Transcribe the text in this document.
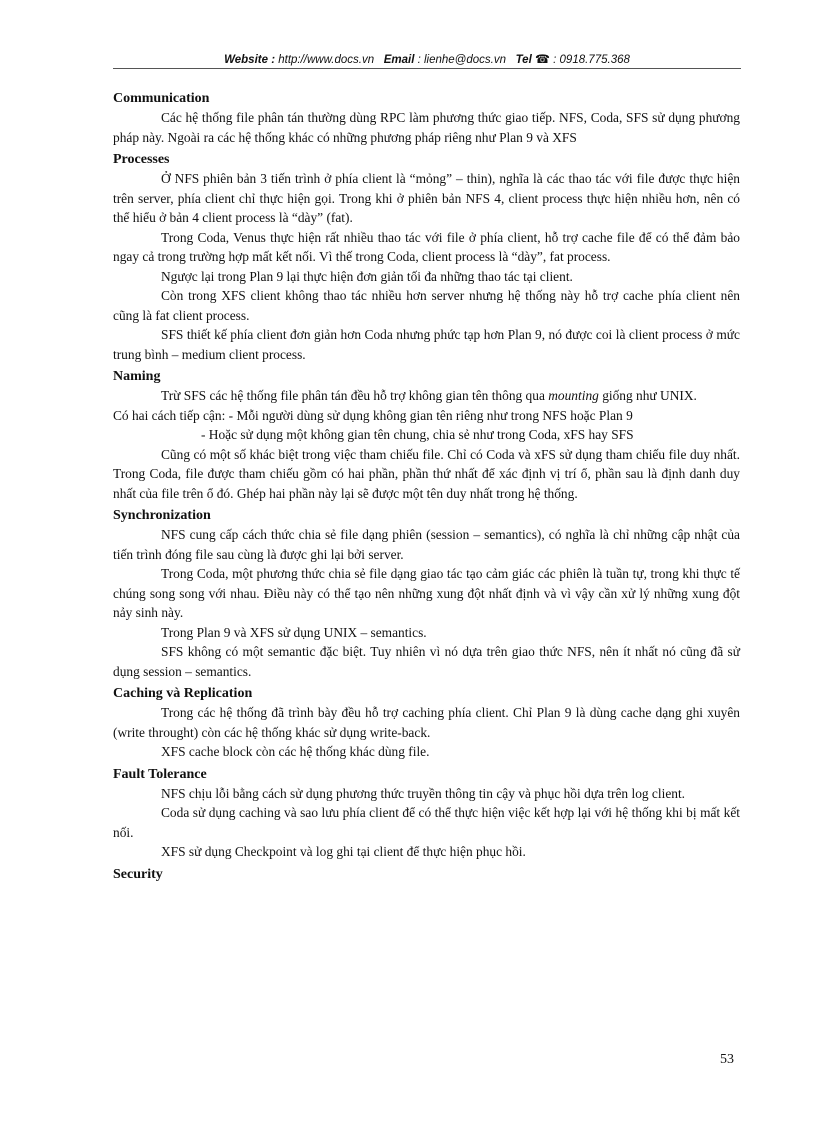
Website : http://www.docs.vn Email : lienhe@docs.vn Tel ☎ : 0918.775.368

Communication

Các hệ thống file phân tán thường dùng RPC làm phương thức giao tiếp. NFS, Coda, SFS sử dụng phương pháp này. Ngoài ra các hệ thống khác có những phương pháp riêng như Plan 9 và XFS

Processes

Ở NFS phiên bản 3 tiến trình ở phía client là “mỏng” – thin), nghĩa là các thao tác với file được thực hiện trên server, phía client chỉ thực hiện gọi. Trong khi ở phiên bản NFS 4, client process thực hiện nhiều hơn, nên có thể hiểu ở bản 4 client process là “dày” (fat).

Trong Coda, Venus thực hiện rất nhiều thao tác với file ở phía client, hỗ trợ cache file để có thể đảm bảo ngay cả trong trường hợp mất kết nối. Vì thế trong Coda, client process là “dày”, fat process.

Ngược lại trong Plan 9 lại thực hiện đơn giản tối đa những thao tác tại client.

Còn trong XFS client không thao tác nhiều hơn server nhưng hệ thống này hỗ trợ cache phía client nên cũng là fat client process.

SFS thiết kế phía client đơn giản hơn Coda nhưng phức tạp hơn Plan 9, nó được coi là client process ở mức trung bình – medium client process.

Naming

Trừ SFS các hệ thống file phân tán đều hỗ trợ không gian tên thông qua mounting giống như UNIX.

Có hai cách tiếp cận: - Mỗi người dùng sử dụng không gian tên riêng như trong NFS hoặc Plan 9

- Hoặc sử dụng một không gian tên chung, chia sẻ như trong Coda, xFS hay SFS

Cũng có một số khác biệt trong việc tham chiếu file. Chỉ có Coda và xFS sử dụng tham chiếu file duy nhất. Trong Coda, file được tham chiếu gồm có hai phần, phần thứ nhất để xác định vị trí ổ, phần sau là định danh duy nhất của file trên ổ đó. Ghép hai phần này lại sẽ được một tên duy nhất trong hệ thống.

Synchronization

NFS cung cấp cách thức chia sẻ file dạng phiên (session – semantics), có nghĩa là chỉ những cập nhật của tiến trình đóng file sau cùng là được ghi lại bởi server.

Trong Coda, một phương thức chia sẻ file dạng giao tác tạo cảm giác các phiên là tuần tự, trong khi thực tế chúng song song với nhau. Điều này có thể tạo nên những xung đột nhất định và vì vậy cần xử lý những xung đột nảy sinh này.

Trong Plan 9 và XFS sử dụng UNIX – semantics.

SFS không có một semantic đặc biệt. Tuy nhiên vì nó dựa trên giao thức NFS, nên ít nhất nó cũng đã sử dụng session – semantics.

Caching và Replication

Trong các hệ thống đã trình bày đều hỗ trợ caching phía client. Chỉ Plan 9 là dùng cache dạng ghi xuyên (write throught) còn các hệ thống khác sử dụng write-back.

XFS cache block còn các hệ thống khác dùng file.

Fault Tolerance

NFS chịu lỗi bằng cách sử dụng phương thức truyền thông tin cậy và phục hồi dựa trên log client.

Coda sử dụng caching và sao lưu phía client để có thể thực hiện việc kết hợp lại với hệ thống khi bị mất kết nối.

XFS sử dụng Checkpoint và log ghi tại client để thực hiện phục hồi.

Security

53
